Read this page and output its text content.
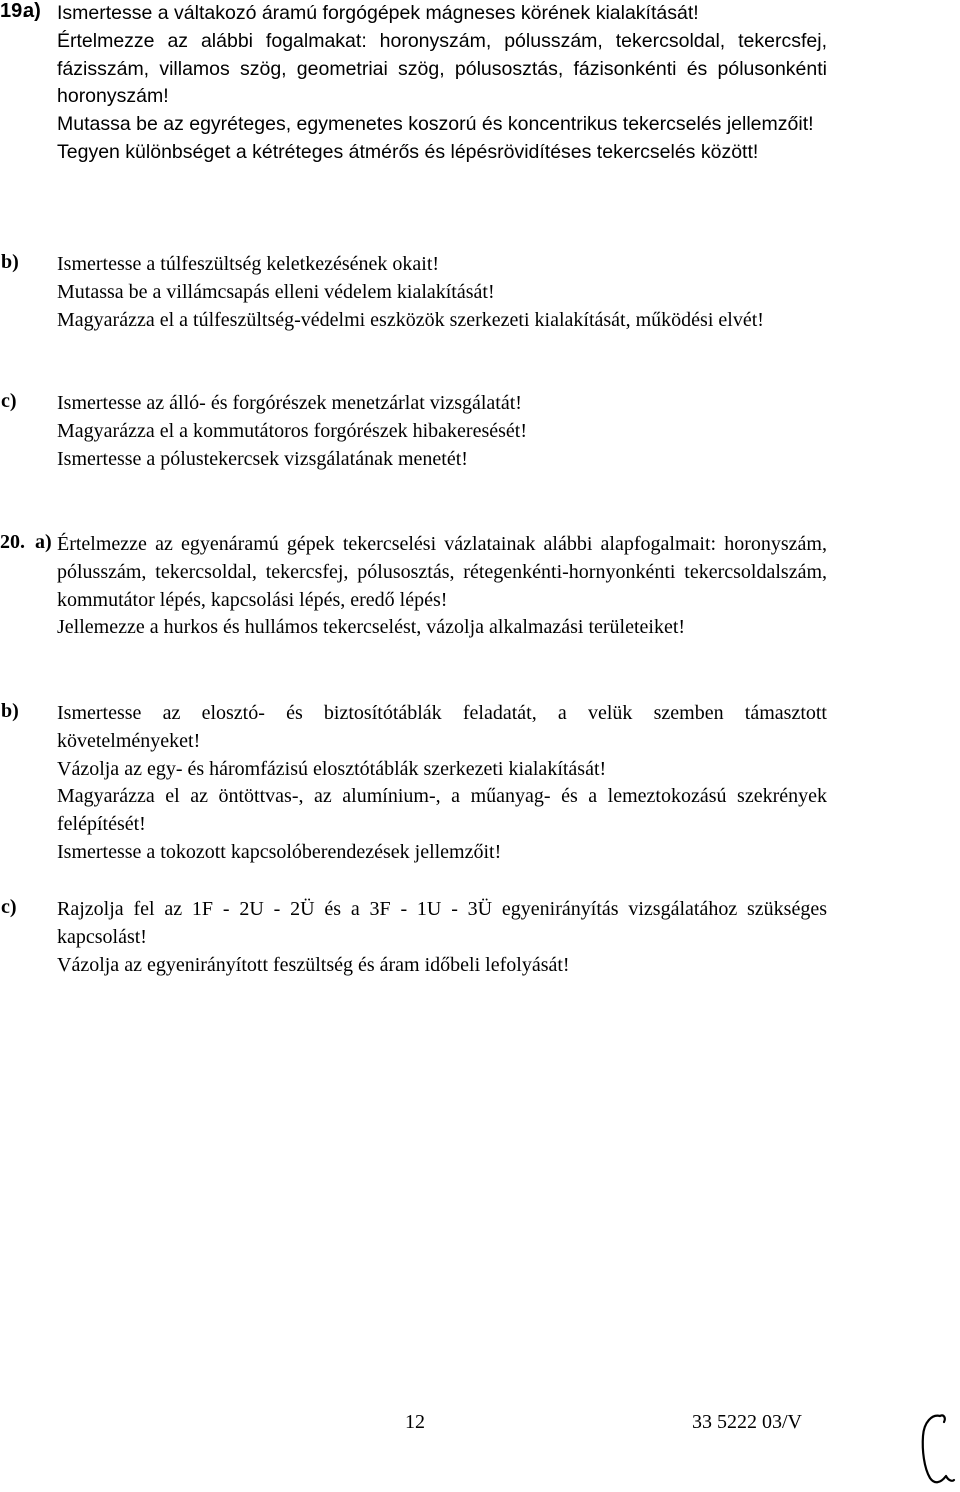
19.
a) Ismertesse a váltakozó áramú forgógépek mágneses körének kialakítását!

Értelmezze az alábbi fogalmakat: horonyszám, pólusszám, tekercsoldal, tekercsfej, fázisszám, villamos szög, geometriai szög, pólusosztás, fázisonkénti és pólusonkénti horonyszám!

Mutassa be az egyréteges, egymenetes koszorú és koncentrikus tekercselés jellemzőit!

Tegyen különbséget a kétréteges átmérős és lépésrövidítéses tekercselés között!

b) Ismertesse a túlfeszültség keletkezésének okait!

Mutassa be a villámcsapás elleni védelem kialakítását!

Magyarázza el a túlfeszültség-védelmi eszközök szerkezeti kialakítását, működési elvét!

c) Ismertesse az álló- és forgórészek menetzárlat vizsgálatát!

Magyarázza el a kommutátoros forgórészek hibakeresését!

Ismertesse a pólustekercsek vizsgálatának menetét!

20. a) Értelmezze az egyenáramú gépek tekercselési vázlatainak alábbi alapfogalmait: horonyszám, pólusszám, tekercsoldal, tekercsfej, pólusosztás, rétegenkénti-hornyonkénti tekercsoldalszám, kommutátor lépés, kapcsolási lépés, eredő lépés!

Jellemezze a hurkos és hullámos tekercselést, vázolja alkalmazási területeiket!

b) Ismertesse az elosztó- és biztosítótáblák feladatát, a velük szemben támasztott követelményeket!

Vázolja az egy- és háromfázisú elosztótáblák szerkezeti kialakítását!

Magyarázza el az öntöttvas-, az alumínium-, a műanyag- és a lemeztokozású szekrények felépítését!

Ismertesse a tokozott kapcsolóberendezések jellemzőit!

c) Rajzolja fel az 1F - 2U - 2Ü és a 3F - 1U - 3Ü egyenirányítás vizsgálatához szükséges kapcsolást!

Vázolja az egyenirányított feszültség és áram időbeli lefolyását!

12	33 5222 03/V
